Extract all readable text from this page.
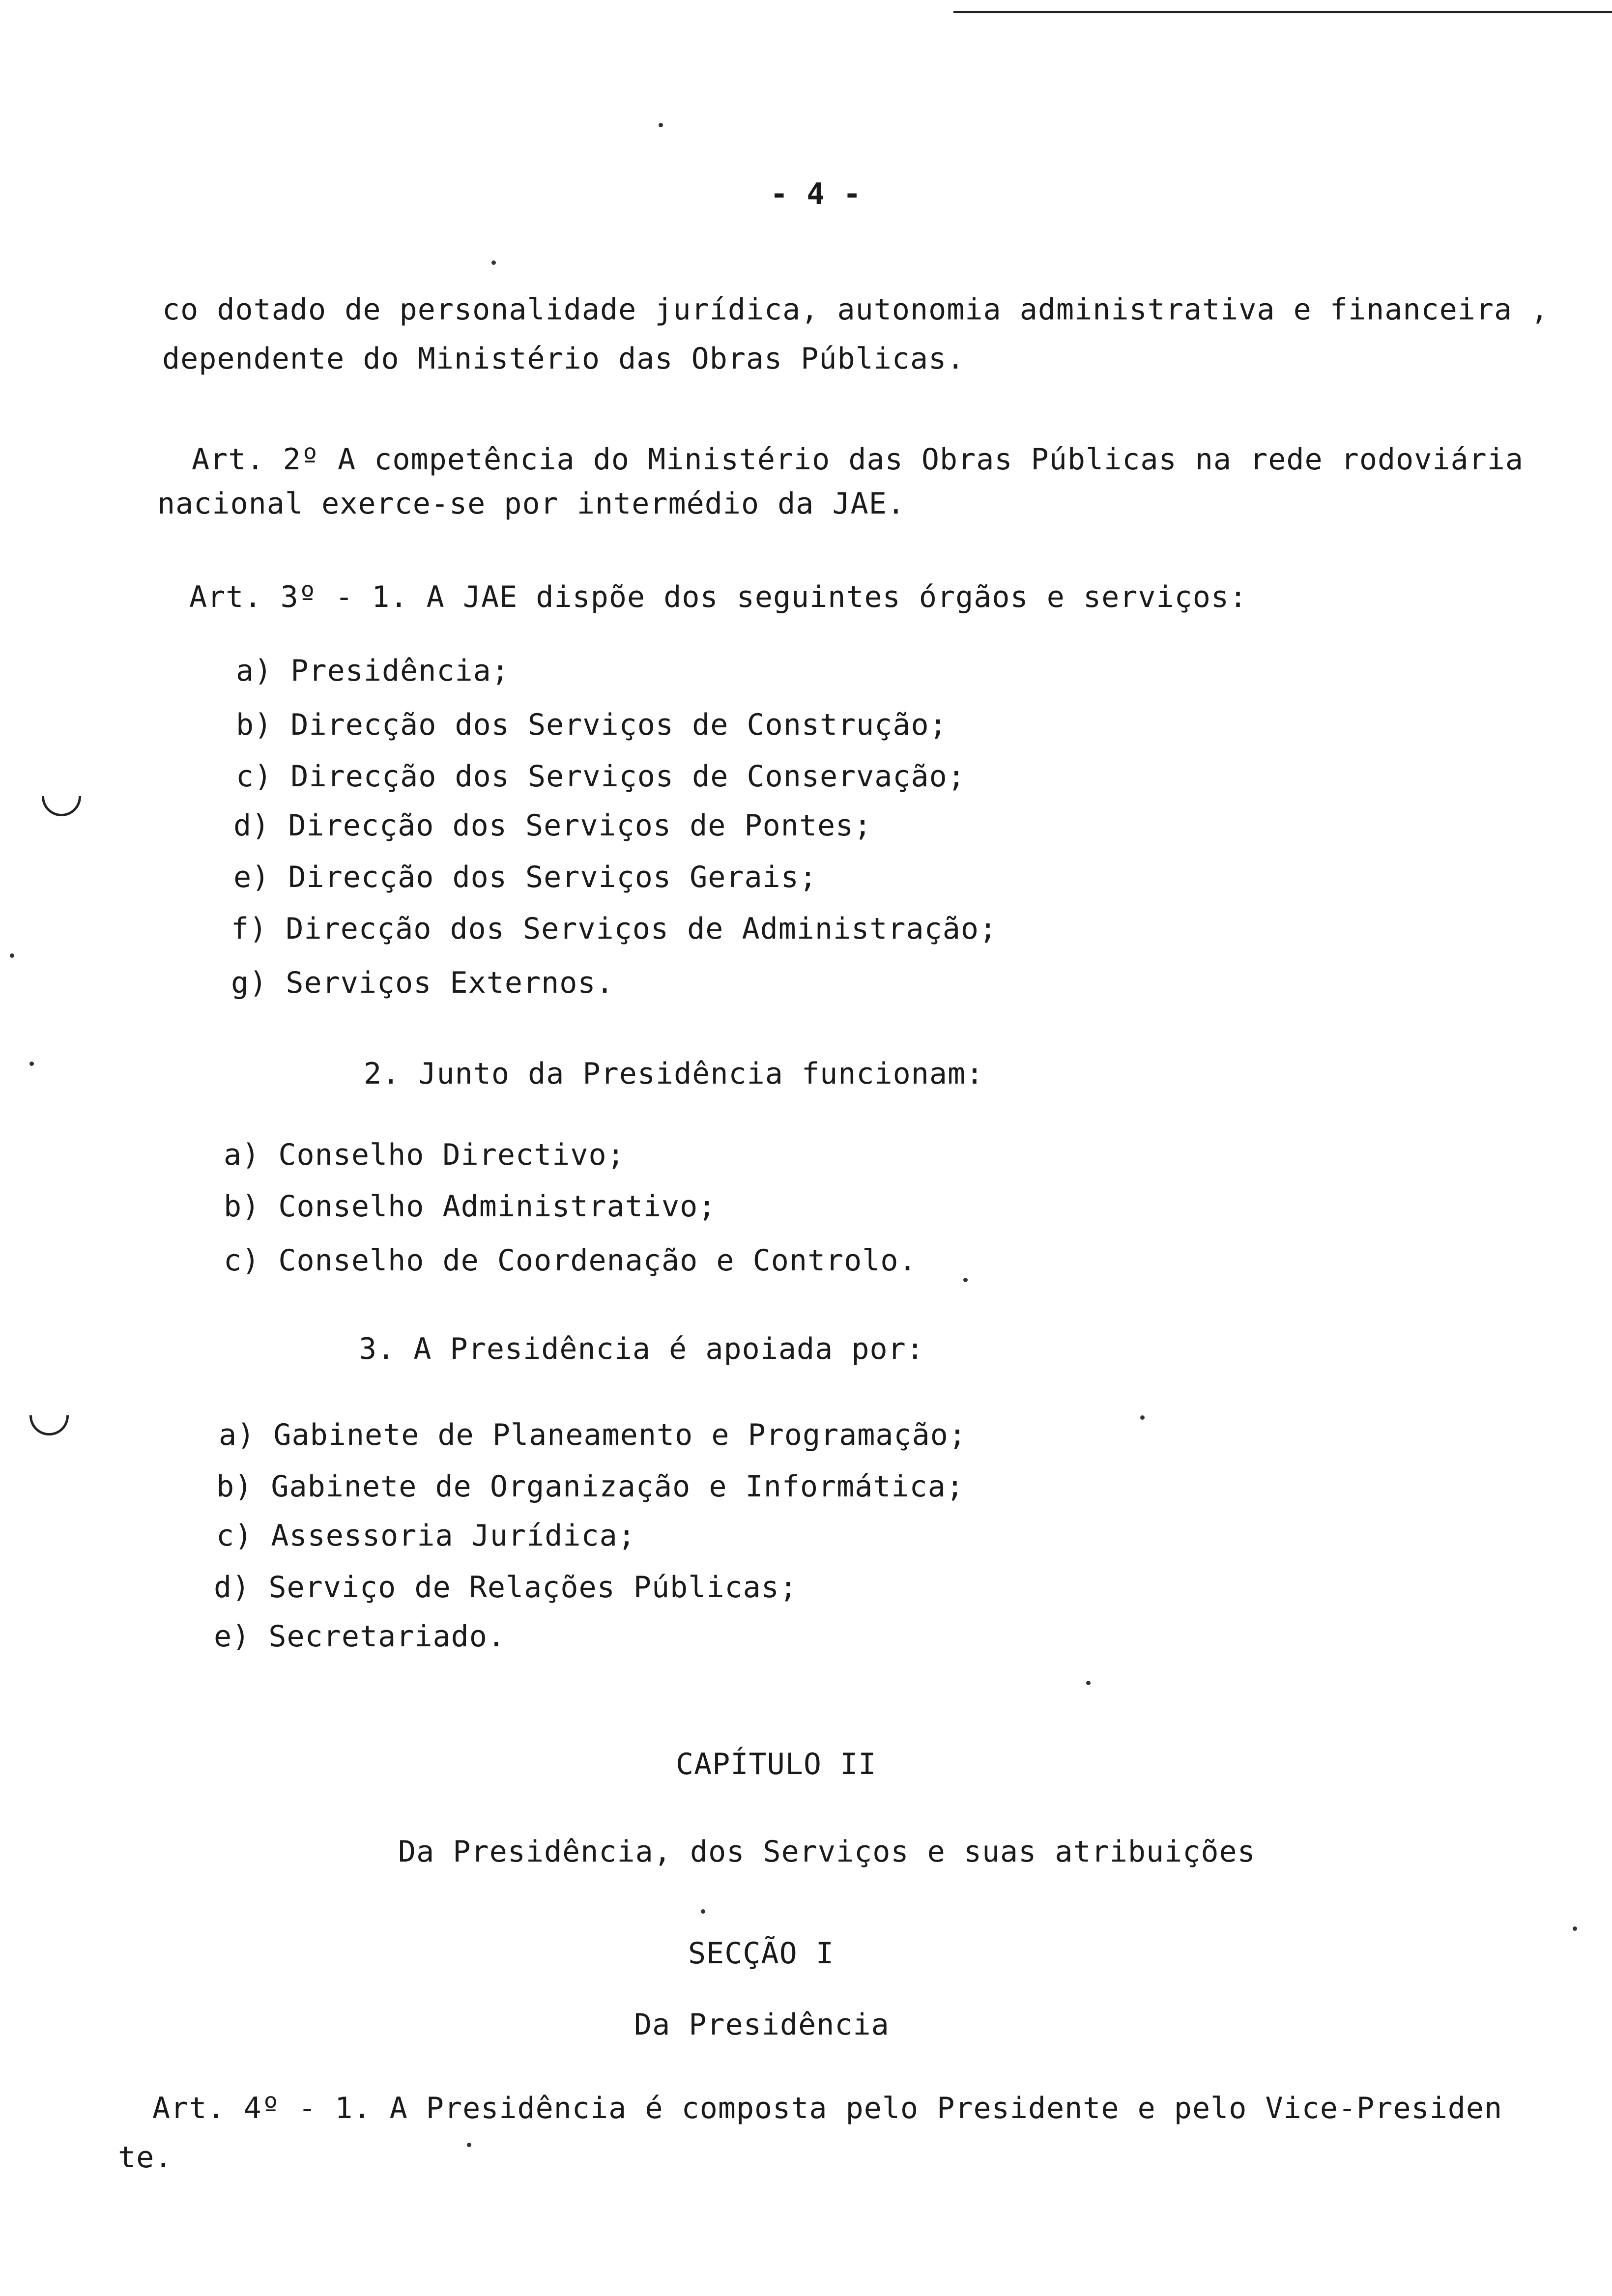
- 4 -
co dotado de personalidade jurídica, autonomia administrativa e financeira ,
dependente do Ministério das Obras Públicas.
Art. 2º A competência do Ministério das Obras Públicas na rede rodoviária
nacional exerce-se por intermédio da JAE.
Art. 3º - 1. A JAE dispõe dos seguintes órgãos e serviços:
a) Presidência;
b) Direcção dos Serviços de Construção;
c) Direcção dos Serviços de Conservação;
d) Direcção dos Serviços de Pontes;
e) Direcção dos Serviços Gerais;
f) Direcção dos Serviços de Administração;
g) Serviços Externos.
2. Junto da Presidência funcionam:
a) Conselho Directivo;
b) Conselho Administrativo;
c) Conselho de Coordenação e Controlo.
3. A Presidência é apoiada por:
a) Gabinete de Planeamento e Programação;
b) Gabinete de Organização e Informática;
c) Assessoria Jurídica;
d) Serviço de Relações Públicas;
e) Secretariado.
CAPÍTULO II
Da Presidência, dos Serviços e suas atribuições
SECÇÃO I
Da Presidência
Art. 4º - 1. A Presidência é composta pelo Presidente e pelo Vice-Presiden
te.
